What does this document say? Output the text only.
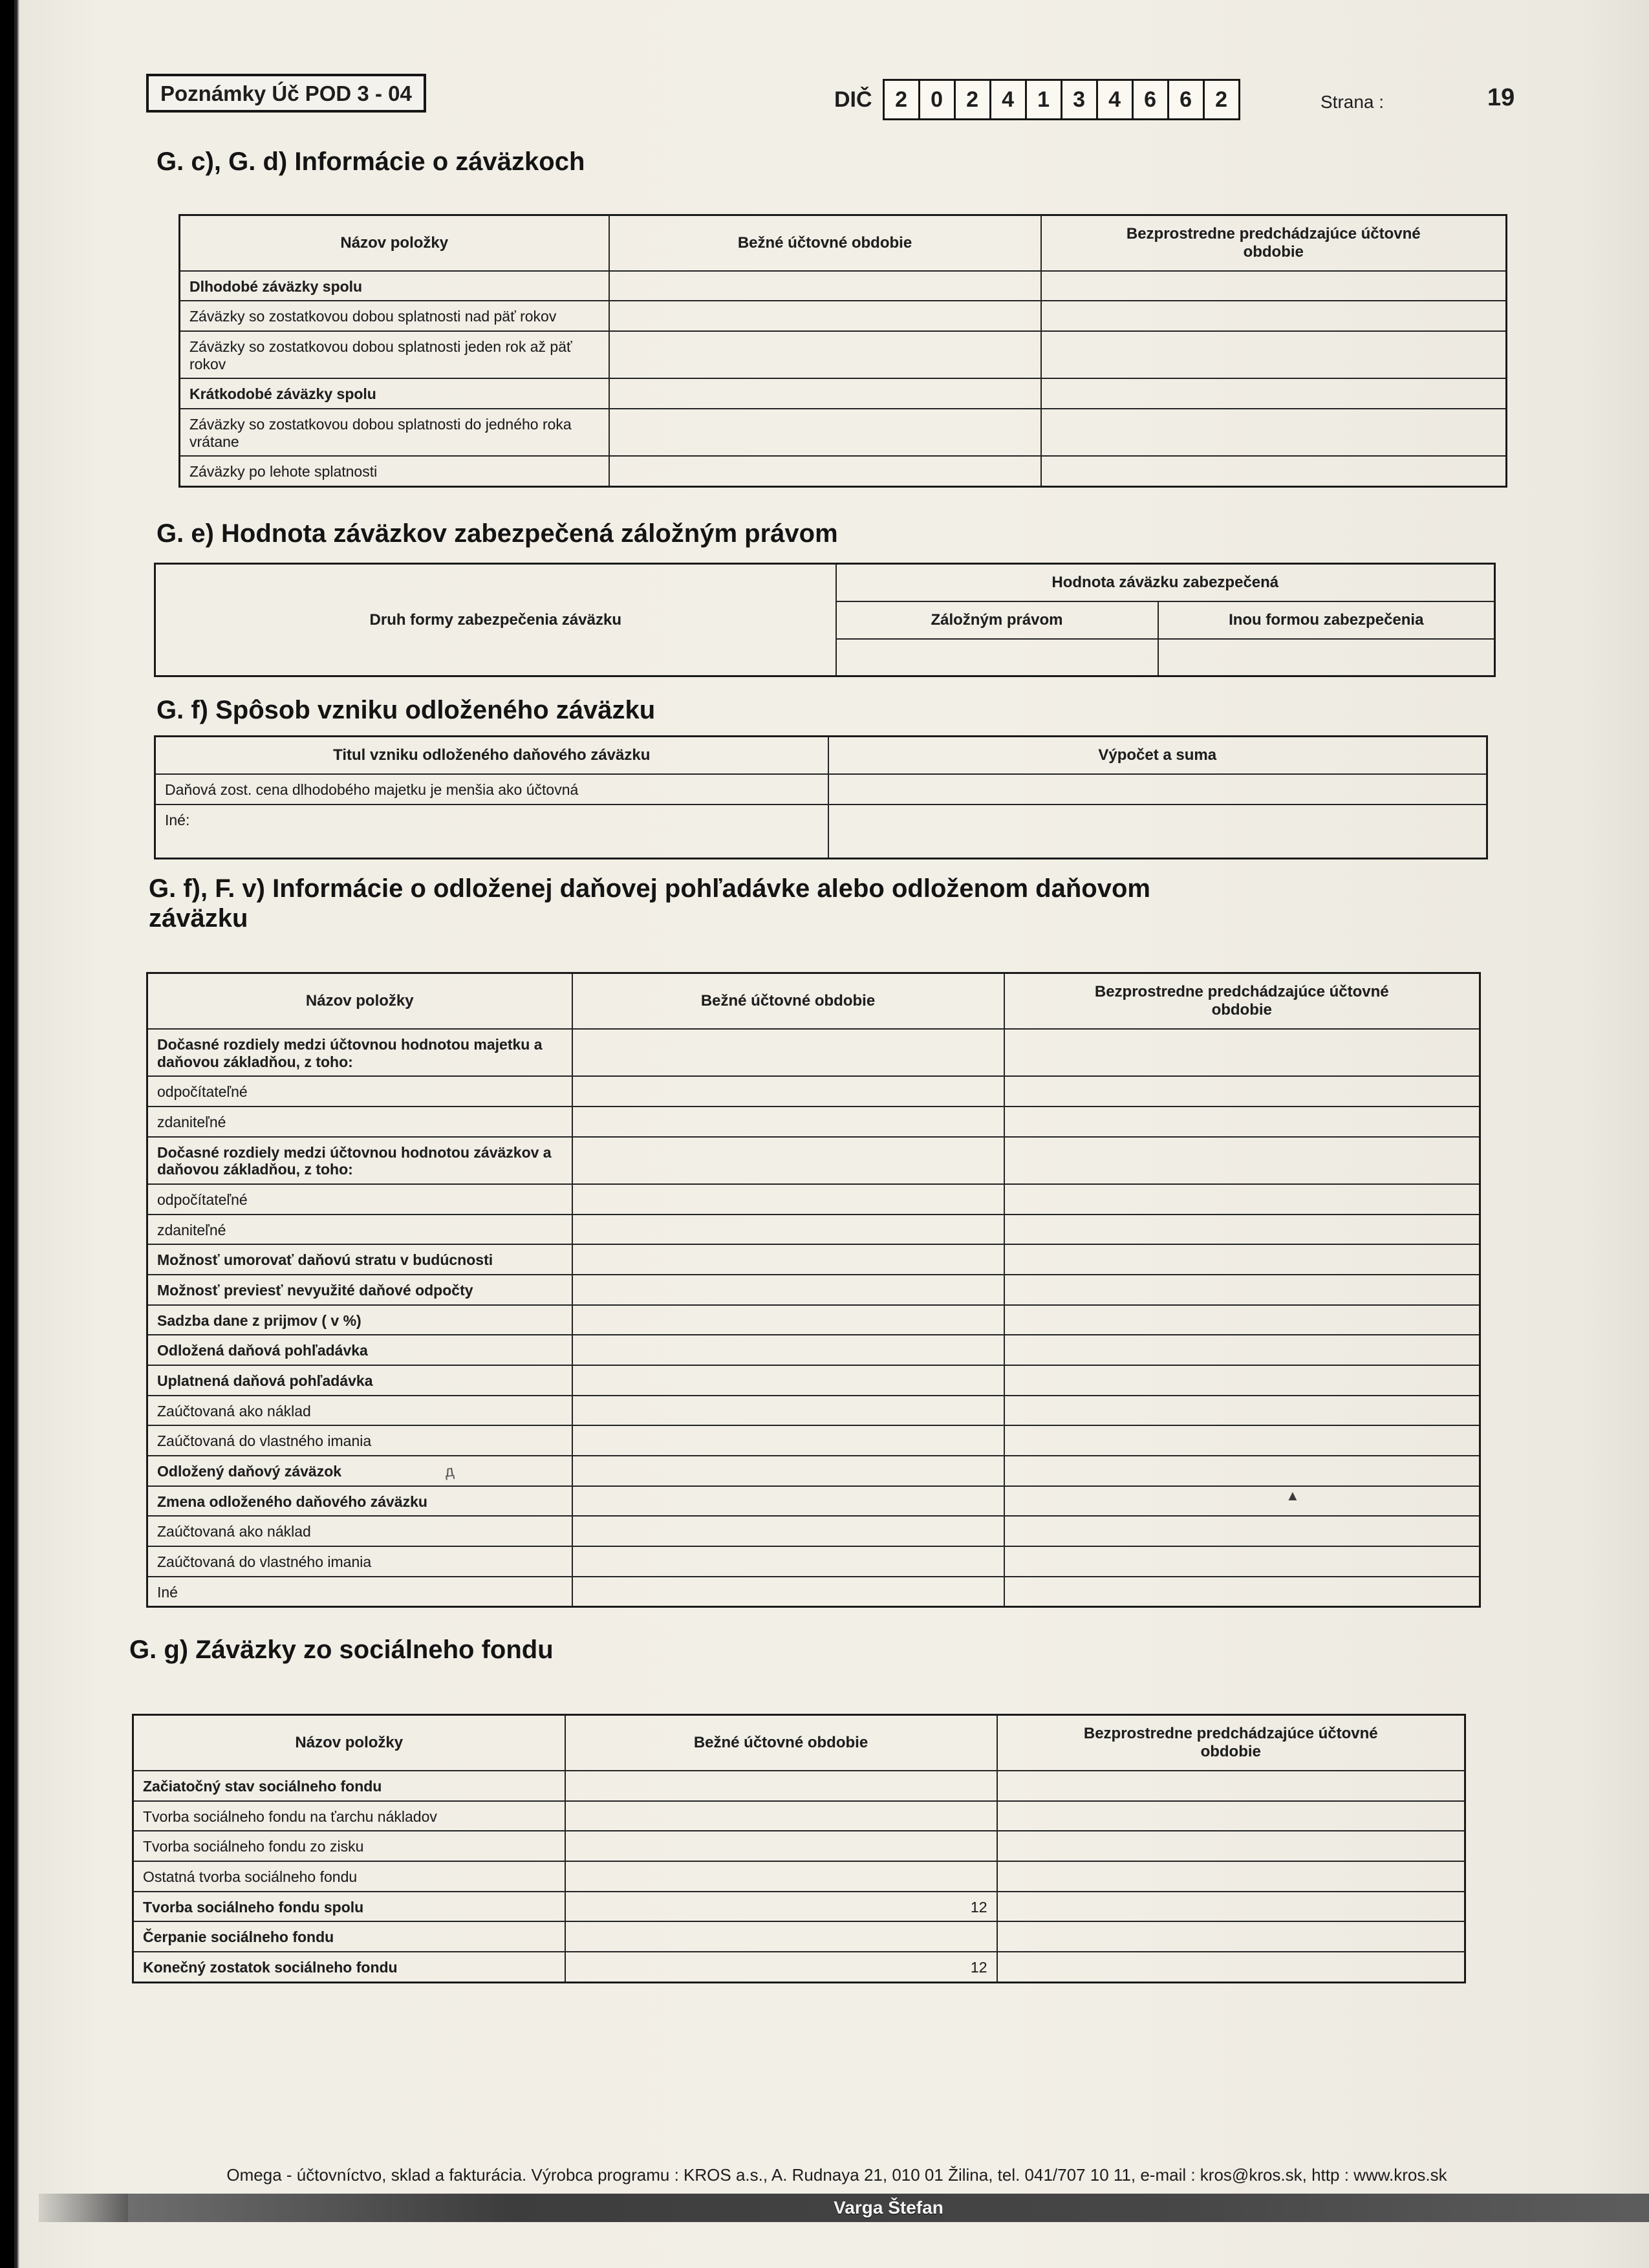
Poznámky Úč POD 3 - 04	DIČ	2	0	2	4	1	3	4	6	6	2	Strana :	19
G. c), G. d) Informácie o záväzkoch
Názov položky	Bežné účtovné obdobie	Bezprostredne predchádzajúce účtovné obdobie
Dlhodobé záväzky spolu		
Záväzky so zostatkovou dobou splatnosti nad päť rokov		
Záväzky so zostatkovou dobou splatnosti jeden rok až päť rokov		
Krátkodobé záväzky spolu		
Záväzky so zostatkovou dobou splatnosti do jedného roka vrátane		
Záväzky po lehote splatnosti		
G. e) Hodnota záväzkov zabezpečená záložným právom
Druh formy zabezpečenia záväzku	Hodnota záväzku zabezpečená	
	Záložným právom	Inou formou zabezpečenia

G. f) Spôsob vzniku odloženého záväzku
Titul vzniku odloženého daňového záväzku	Výpočet a suma
Daňová zost. cena dlhodobého majetku je menšia ako účtovná	
Iné:	
G. f), F. v) Informácie o odloženej daňovej pohľadávke alebo odloženom daňovom
záväzku
Názov položky	Bežné účtovné obdobie	Bezprostredne predchádzajúce účtovné obdobie
Dočasné rozdiely medzi účtovnou hodnotou majetku a daňovou základňou, z toho:		
odpočítateľné		
zdaniteľné		
Dočasné rozdiely medzi účtovnou hodnotou záväzkov a daňovou základňou, z toho:		
odpočítateľné		
zdaniteľné		
Možnosť umorovať daňovú stratu v budúcnosti		
Možnosť previesť nevyužité daňové odpočty		
Sadzba dane z prijmov ( v %)		
Odložená daňová pohľadávka		
Uplatnená daňová pohľadávka		
Zaúčtovaná ako náklad		
Zaúčtovaná do vlastného imania		
Odložený daňový záväzok		
Zmena odloženého daňového záväzku		
Zaúčtovaná ako náklad		
Zaúčtovaná do vlastného imania		
Iné		
G. g) Záväzky zo sociálneho fondu
Názov položky	Bežné účtovné obdobie	Bezprostredne predchádzajúce účtovné obdobie
Začiatočný stav sociálneho fondu		
Tvorba sociálneho fondu na ťarchu nákladov		
Tvorba sociálneho fondu zo zisku		
Ostatná tvorba sociálneho fondu		
Tvorba sociálneho fondu spolu	12	
Čerpanie sociálneho fondu		
Konečný zostatok sociálneho fondu	12	
▲
⁢д
Omega - účtovníctvo, sklad a fakturácia. Výrobca programu : KROS a.s., A. Rudnaya 21, 010 01 Žilina, tel. 041/707 10 11, e-mail : kros@kros.sk, http : www.kros.sk
Varga Štefan
